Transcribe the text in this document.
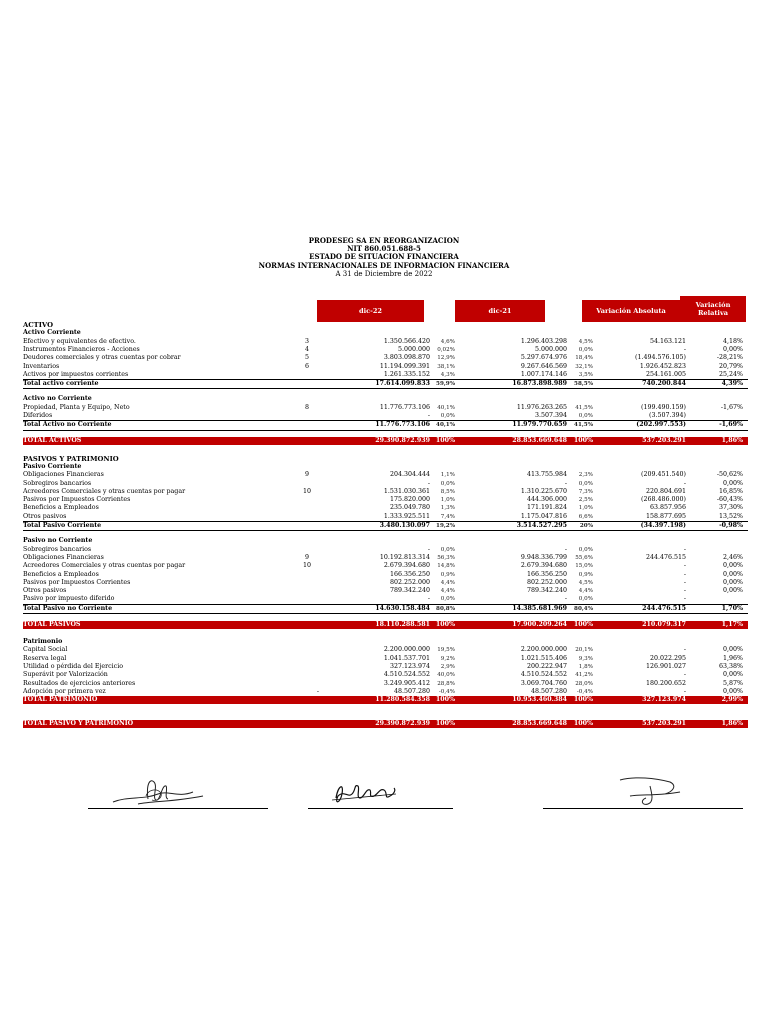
PRODESEG SA EN REORGANIZACION
NIT 860.051.688-5
ESTADO DE SITUACION FINANCIERA
NORMAS INTERNACIONALES DE INFORMACION FINANCIERA
A 31 de Diciembre de 2022
dic-22	dic-21	Variación Absoluta
Variación Relativa
ACTIVO
Activo Corriente
Efectivo y equivalentes de efectivo.	3	1.350.566.420 4,6%	1.296.403.298 4,5%	54.163.121	4,18%
Instrumentos Financieros - Acciones	4	5.000.000 0,02%	5.000.000 0,0%	-	0,00%
Deudores comerciales y otras cuentas por cobrar	5	3.803.098.870 12,9%	5.297.674.976 18,4%	(1.494.576.105)	-28,21%
Inventarios	6	11.194.099.391 38,1%	9.267.646.569 32,1%	1.926.452.823	20,79%
Activos por impuestos corrientes	1.261.335.152 4,3%	1.007.174.146 3,5%	254.161.005	25,24%
Total activo corriente	17.614.099.833 59,9%	16.873.898.989 58,5%	740.200.844	4,39%
Activo no Corriente
Propiedad, Planta y Equipo, Neto	8	11.776.773.106 40,1%	11.976.263.265 41,5%	(199.490.159)	-1,67%
Diferidos	- 0,0%	3.507.394 0,0%	(3.507.394)
Total Activo no Corriente	11.776.773.106 40,1%	11.979.770.659 41,5%	(202.997.553)	-1,69%
TOTAL ACTIVOS	29.390.872.939 100%	28.853.669.648 100%	537.203.291	1,86%
PASIVOS Y PATRIMONIO
Pasivo Corriente
Obligaciones Financieras	9	204.304.444 1,1%	413.755.984 2,3%	(209.451.540)	-50,62%
Sobregiros bancarios	- 0,0%	- 0,0%	-	0,00%
Acreedores Comerciales y otras cuentas por pagar	10	1.531.030.361 8,5%	1.310.225.670 7,3%	220.804.691	16,85%
Pasivos por Impuestos Corrientes	175.820.000 1,0%	444.306.000 2,5%	(268.486.000)	-60,43%
Beneficios a Empleados	235.049.780 1,3%	171.191.824 1,0%	63.857.956	37,30%
Otros pasivos	1.333.925.511 7,4%	1.175.047.816 6,6%	158.877.695	13,52%
Total Pasivo Corriente	3.480.130.097 19,2%	3.514.527.295 20%	(34.397.198)	-0,98%
Pasivo no Corriente
Sobregiros bancarios	- 0,0%	- 0,0%	-
Obligaciones Financieras	9	10.192.813.314 56,3%	9.948.336.799 55,6%	244.476.515	2,46%
Acreedores Comerciales y otras cuentas por pagar	10	2.679.394.680 14,8%	2.679.394.680 15,0%	-	0,00%
Beneficios a Empleados	166.356.250 0,9%	166.356.250 0,9%	-	0,00%
Pasivos por Impuestos Corrientes	802.252.000 4,4%	802.252.000 4,5%	-	0,00%
Otros pasivos	789.342.240 4,4%	789.342.240 4,4%	-	0,00%
Pasivo por impuesto diferido	- 0,0%	- 0,0%	-
Total Pasivo no Corriente	14.630.158.484 80,8%	14.385.681.969 80,4%	244.476.515	1,70%
TOTAL PASIVOS	18.110.288.581 100%	17.900.209.264 100%	210.079.317	1,17%
Patrimonio
Capital Social	2.200.000.000 19,5%	2.200.000.000 20,1%	-	0,00%
Reserva legal	1.041.537.701 9,2%	1.021.515.406 9,3%	20.022.295	1,96%
Utilidad o pérdida del Ejercicio	327.123.974 2,9%	200.222.947 1,8%	126.901.027	63,38%
Superávit por Valorización	4.510.524.552 40,0%	4.510.524.552 41,2%	-	0,00%
Resultados de ejercicios anteriores	3.249.905.412 28,8%	3.069.704.760 28,0%	180.200.652	5,87%
Adopción por primera vez	-	48.507.280 -0,4%	48.507.280 -0,4%	-	0,00%
TOTAL PATRIMONIO	11.280.584.358 100%	10.953.460.384 100%	327.123.974	2,99%
TOTAL PASIVO Y PATRIMONIO	29.390.872.939 100%	28.853.669.648 100%	537.203.291	1,86%
